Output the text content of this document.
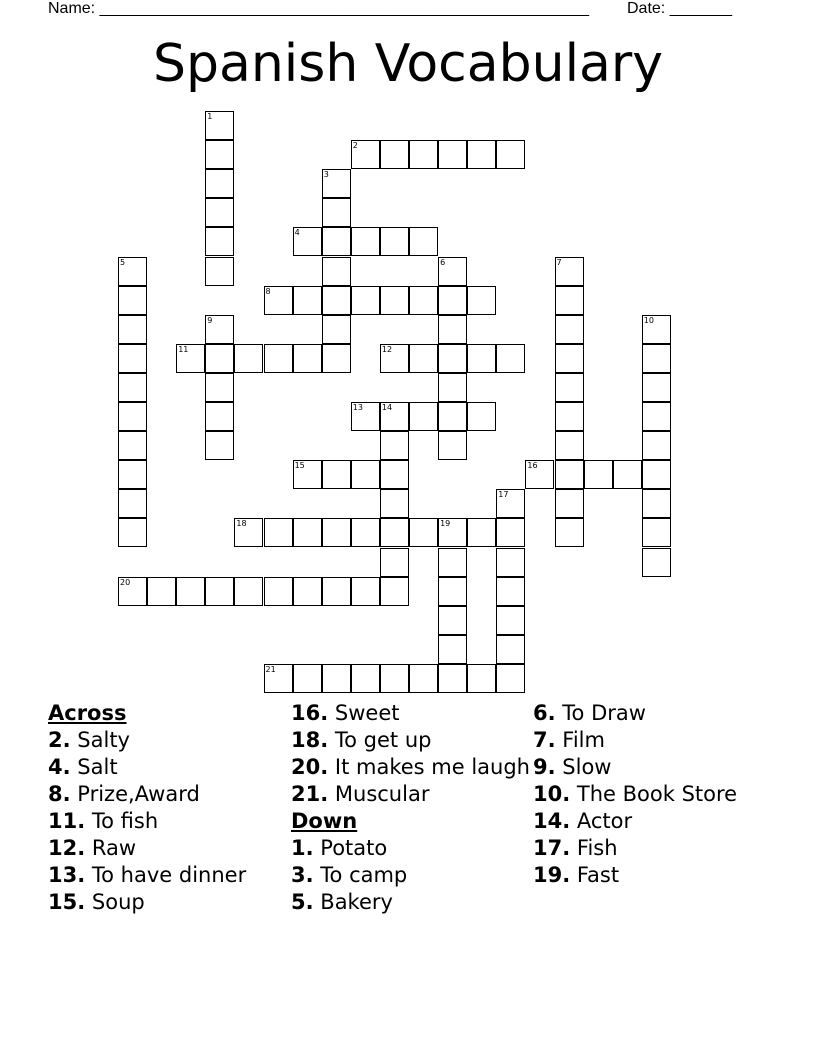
Name: _______________________________________________________ Date: _______
Spanish Vocabulary
1
2
3
4
5	6	7
8
9	10
11	12
13 14
15	16
17
18	19
20
21
Across
2. Salty
4. Salt
8. Prize,Award
11. To fish
12. Raw
13. To have dinner
15. Soup
16. Sweet
18. To get up
20. It makes me laugh
21. Muscular
Down
1. Potato
3. To camp
5. Bakery
6. To Draw
7. Film
9. Slow
10. The Book Store
14. Actor
17. Fish
19. Fast
